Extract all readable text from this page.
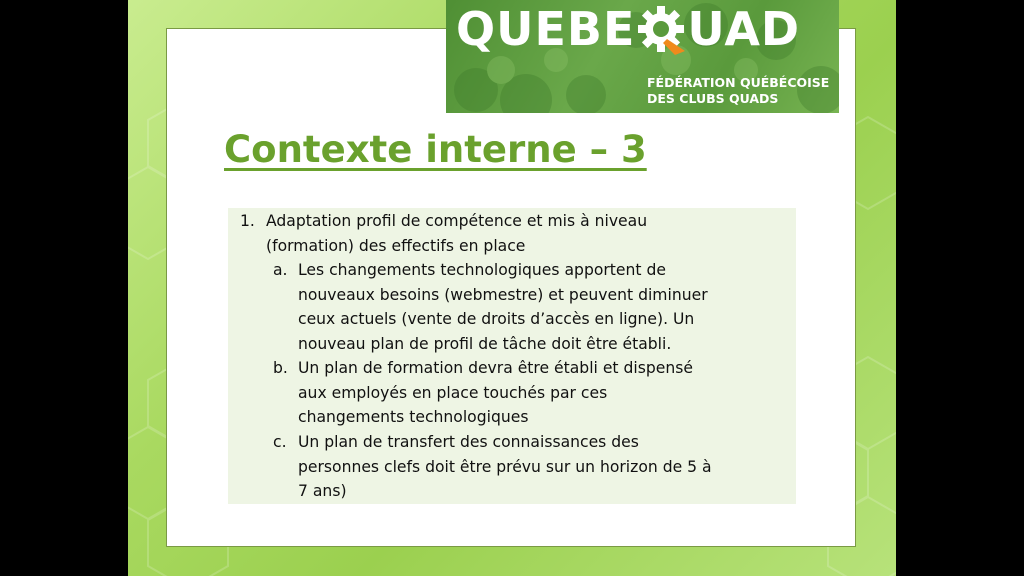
QUEBE UAD
FÉDÉRATION QUÉBÉCOISE
DES CLUBS QUADS
Contexte interne – 3
1. Adaptation profil de compétence et mis à niveau
(formation) des effectifs en place
a. Les changements technologiques apportent de
nouveaux besoins (webmestre) et peuvent diminuer
ceux actuels (vente de droits d’accès en ligne). Un
nouveau plan de profil de tâche doit être établi.
b. Un plan de formation devra être établi et dispensé
aux employés en place touchés par ces
changements technologiques
c. Un plan de transfert des connaissances des
personnes clefs doit être prévu sur un horizon de 5 à
7 ans)
